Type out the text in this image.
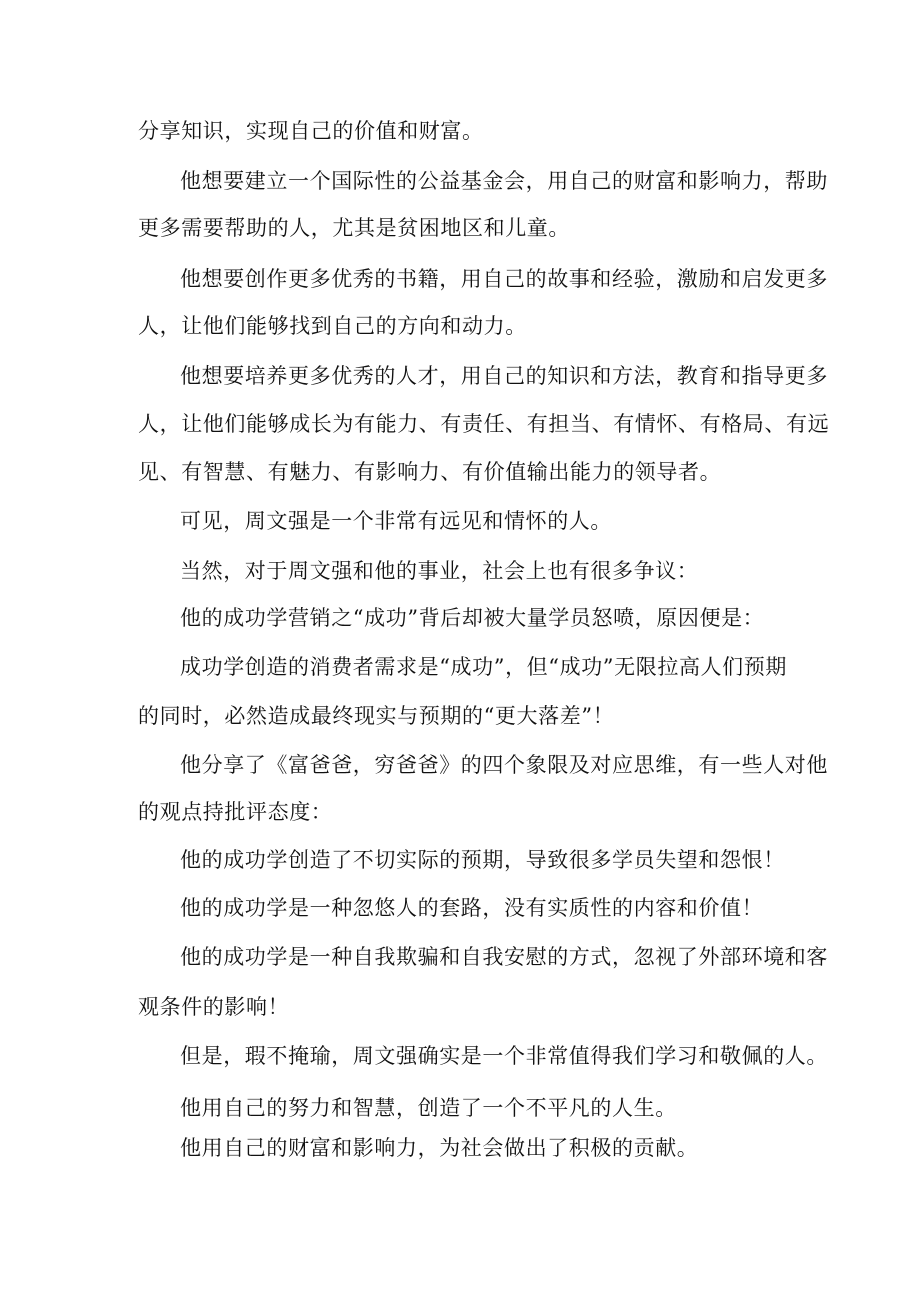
分享知识，实现自己的价值和财富。
他想要建立一个国际性的公益基金会，用自己的财富和影响力，帮助
更多需要帮助的人，尤其是贫困地区和儿童。
他想要创作更多优秀的书籍，用自己的故事和经验，激励和启发更多
人，让他们能够找到自己的方向和动力。
他想要培养更多优秀的人才，用自己的知识和方法，教育和指导更多
人，让他们能够成长为有能力、有责任、有担当、有情怀、有格局、有远
见、有智慧、有魅力、有影响力、有价值输出能力的领导者。
可见，周文强是一个非常有远见和情怀的人。
当然，对于周文强和他的事业，社会上也有很多争议：
他的成功学营销之“成功”背后却被大量学员怒喷，原因便是：
成功学创造的消费者需求是“成功”，但“成功”无限拉高人们预期
的同时，必然造成最终现实与预期的“更大落差”！
他分享了《富爸爸，穷爸爸》的四个象限及对应思维，有一些人对他
的观点持批评态度：
他的成功学创造了不切实际的预期，导致很多学员失望和怨恨！
他的成功学是一种忽悠人的套路，没有实质性的内容和价值！
他的成功学是一种自我欺骗和自我安慰的方式，忽视了外部环境和客
观条件的影响！
但是，瑕不掩瑜，周文强确实是一个非常值得我们学习和敬佩的人。
他用自己的努力和智慧，创造了一个不平凡的人生。
他用自己的财富和影响力，为社会做出了积极的贡献。
